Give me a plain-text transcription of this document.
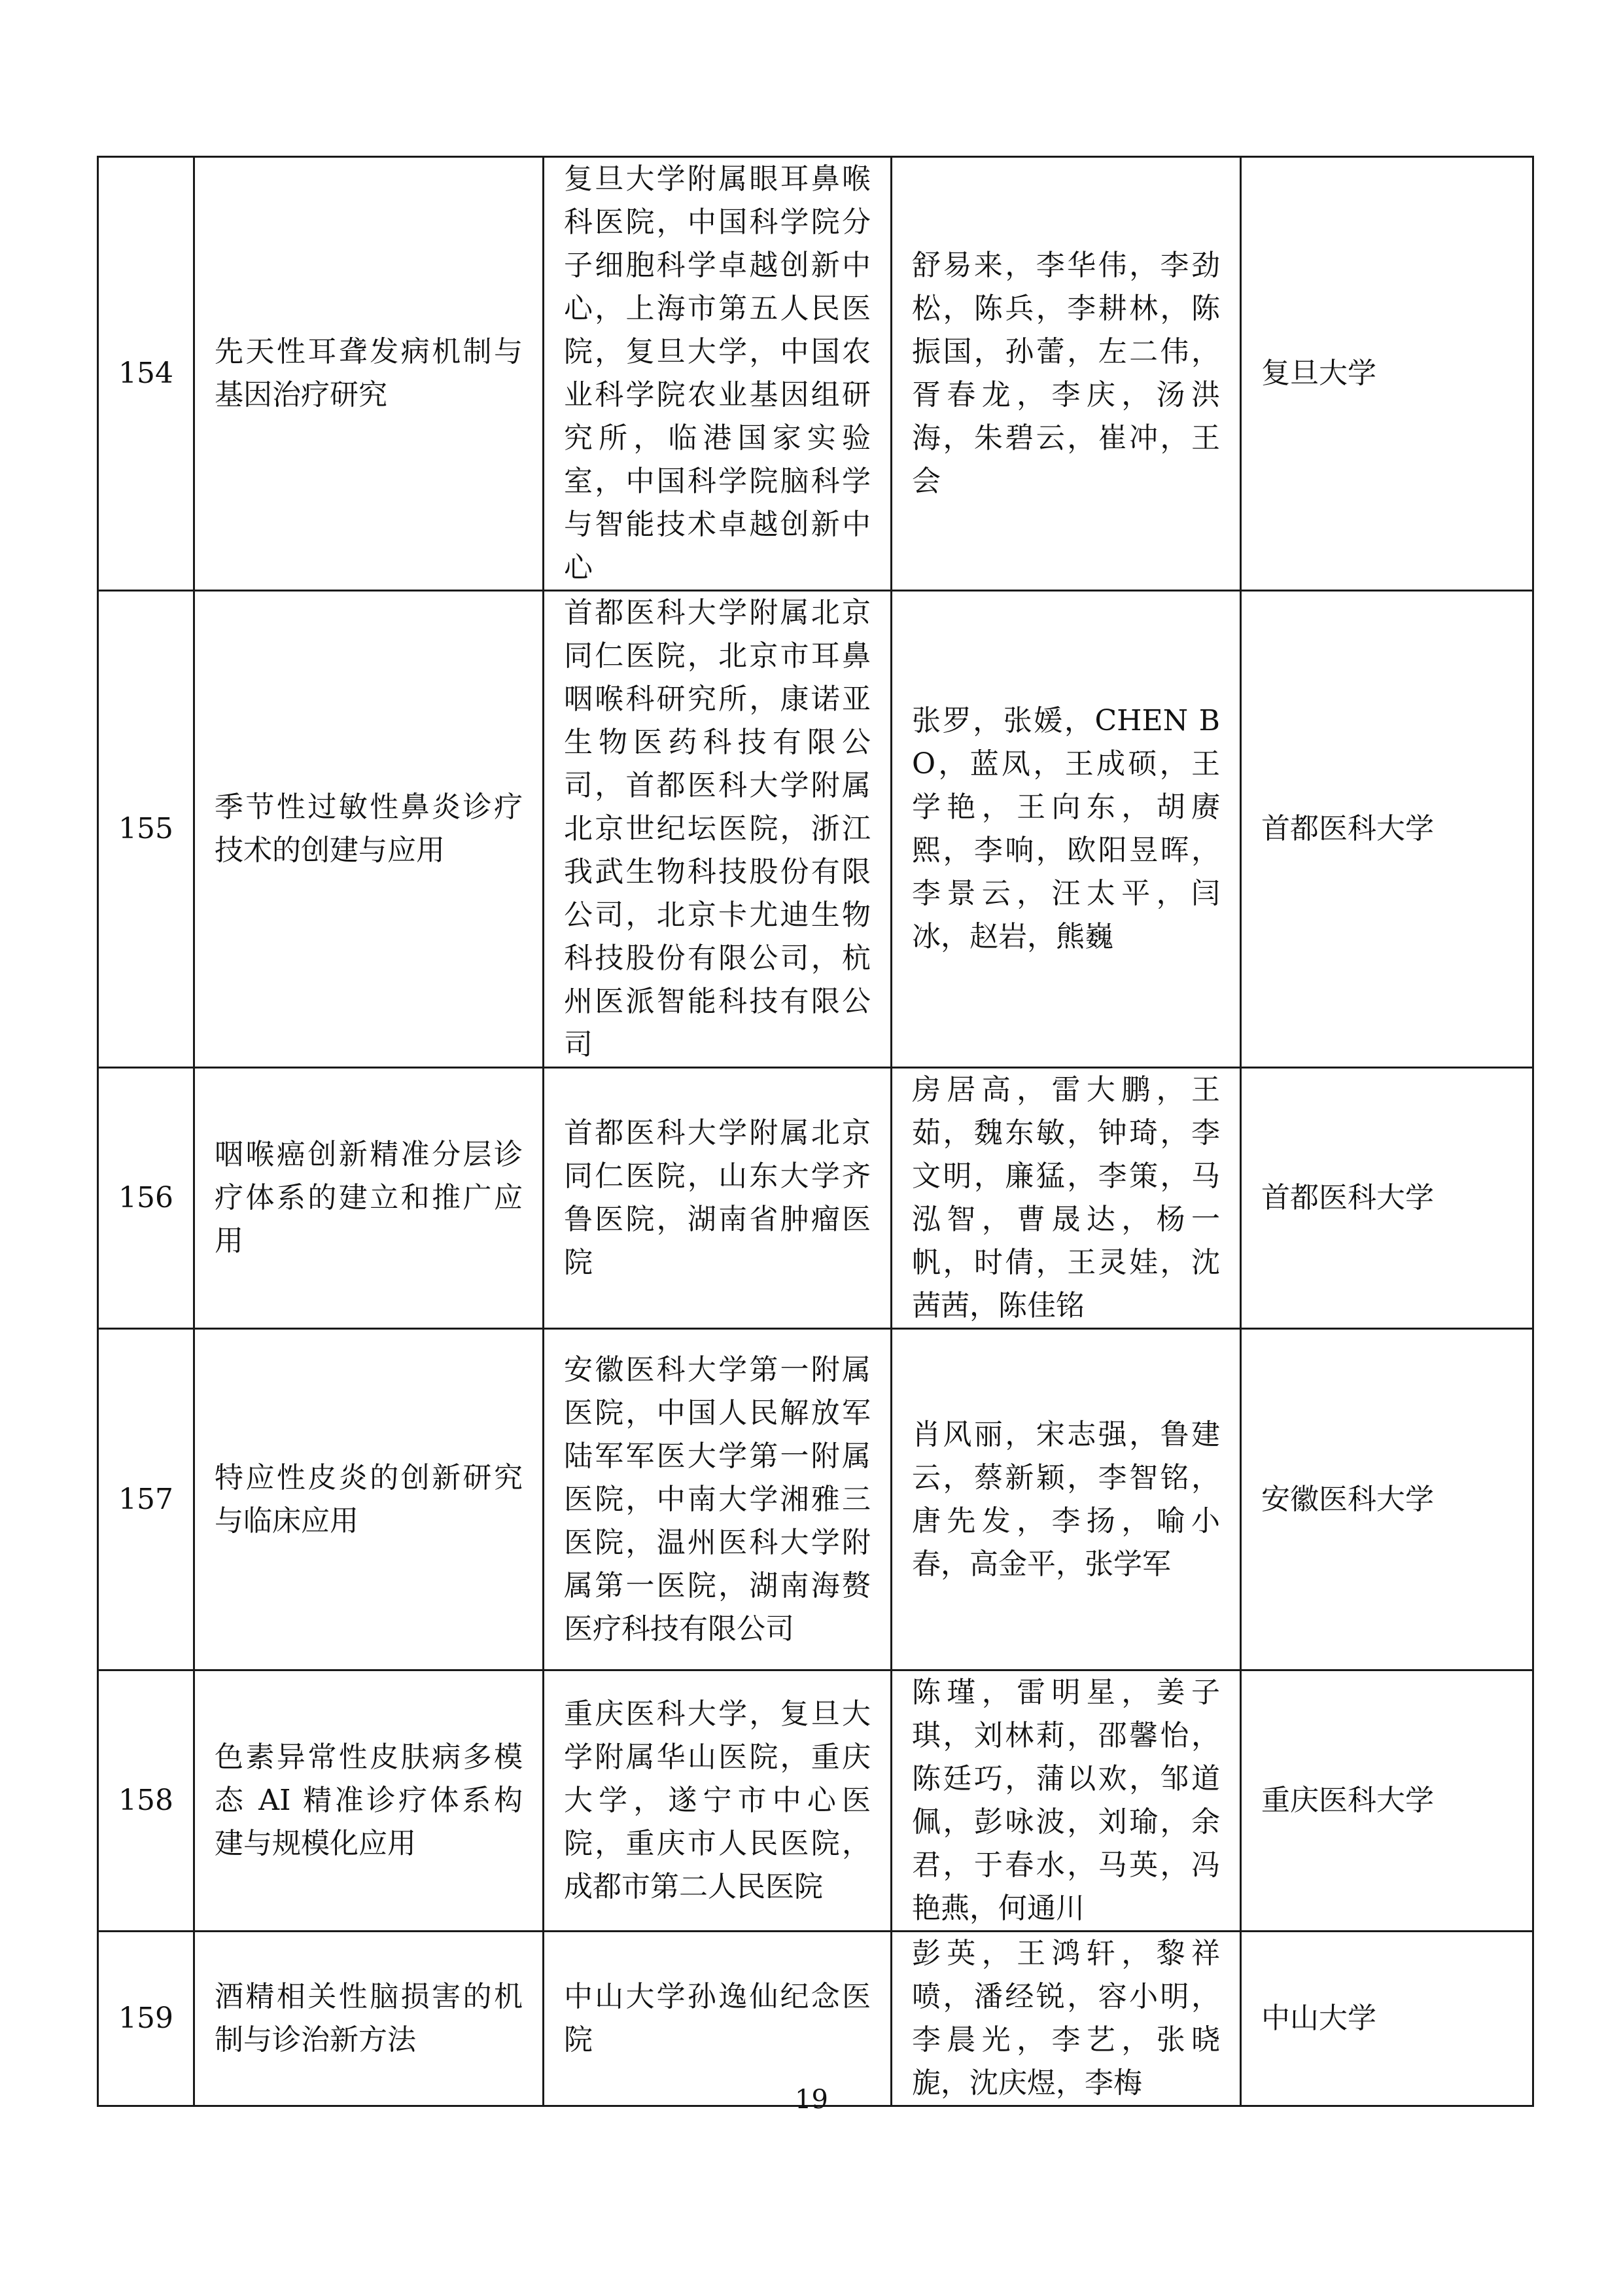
154	先天性耳聋发病机制与基因治疗研究	复旦大学附属眼耳鼻喉科医院，中国科学院分子细胞科学卓越创新中心，上海市第五人民医院，复旦大学，中国农业科学院农业基因组研究所，临港国家实验室，中国科学院脑科学与智能技术卓越创新中心	舒易来，李华伟，李劲松，陈兵，李耕林，陈振国，孙蕾，左二伟，胥春龙，李庆，汤洪海，朱碧云，崔冲，王会	复旦大学

155	季节性过敏性鼻炎诊疗技术的创建与应用	首都医科大学附属北京同仁医院，北京市耳鼻咽喉科研究所，康诺亚生物医药科技有限公司，首都医科大学附属北京世纪坛医院，浙江我武生物科技股份有限公司，北京卡尤迪生物科技股份有限公司，杭州医派智能科技有限公司	张罗，张媛，CHEN BO，蓝凤，王成硕，王学艳，王向东，胡赓熙，李响，欧阳昱晖，李景云，汪太平，闫冰，赵岩，熊巍	首都医科大学

156	咽喉癌创新精准分层诊疗体系的建立和推广应用	首都医科大学附属北京同仁医院，山东大学齐鲁医院，湖南省肿瘤医院	房居高，雷大鹏，王茹，魏东敏，钟琦，李文明，廉猛，李策，马泓智，曹晟达，杨一帆，时倩，王灵娃，沈茜茜，陈佳铭	首都医科大学

157	特应性皮炎的创新研究与临床应用	安徽医科大学第一附属医院，中国人民解放军陆军军医大学第一附属医院，中南大学湘雅三医院，温州医科大学附属第一医院，湖南海赘医疗科技有限公司	肖风丽，宋志强，鲁建云，蔡新颖，李智铭，唐先发，李扬，喻小春，高金平，张学军	安徽医科大学

158	色素异常性皮肤病多模态 AI 精准诊疗体系构建与规模化应用	重庆医科大学，复旦大学附属华山医院，重庆大学，遂宁市中心医院，重庆市人民医院，成都市第二人民医院	陈瑾，雷明星，姜子琪，刘林莉，邵馨怡，陈廷巧，蒲以欢，邹道佩，彭咏波，刘瑜，余君，于春水，马英，冯艳燕，何通川	重庆医科大学

159	酒精相关性脑损害的机制与诊治新方法	中山大学孙逸仙纪念医院	彭英，王鸿轩，黎祥喷，潘经锐，容小明，李晨光，李艺，张晓旎，沈庆煜，李梅	中山大学
19
